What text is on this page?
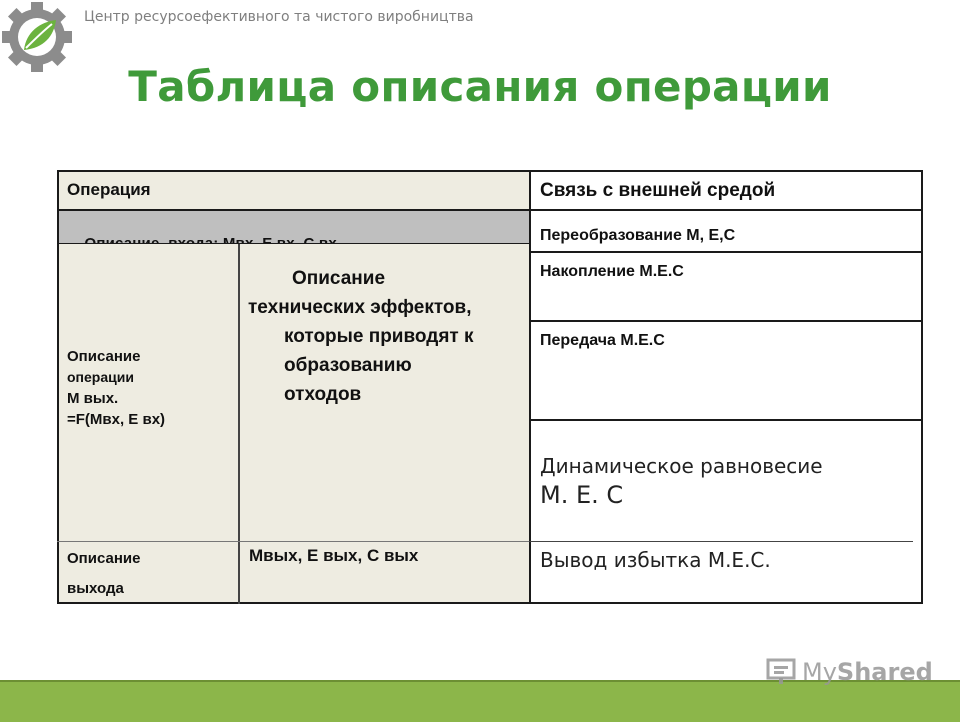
Центр ресурсоефективного та чистого виробництва
Таблица описания операции
Операция	Связь с внешней средой

Описание
операции
М вых.
=F(Мвх, Е вх)
Описание
технических эффектов,
которые приводят к
образованию
отходов
Описание
выхода
Мвых, Е вых, С вых
Переобразование М, Е,С
Накопление М.Е.С
Передача М.Е.С
Динамическое равновесие
М. Е. С
Вывод избытка М.Е.С.
MyShared
